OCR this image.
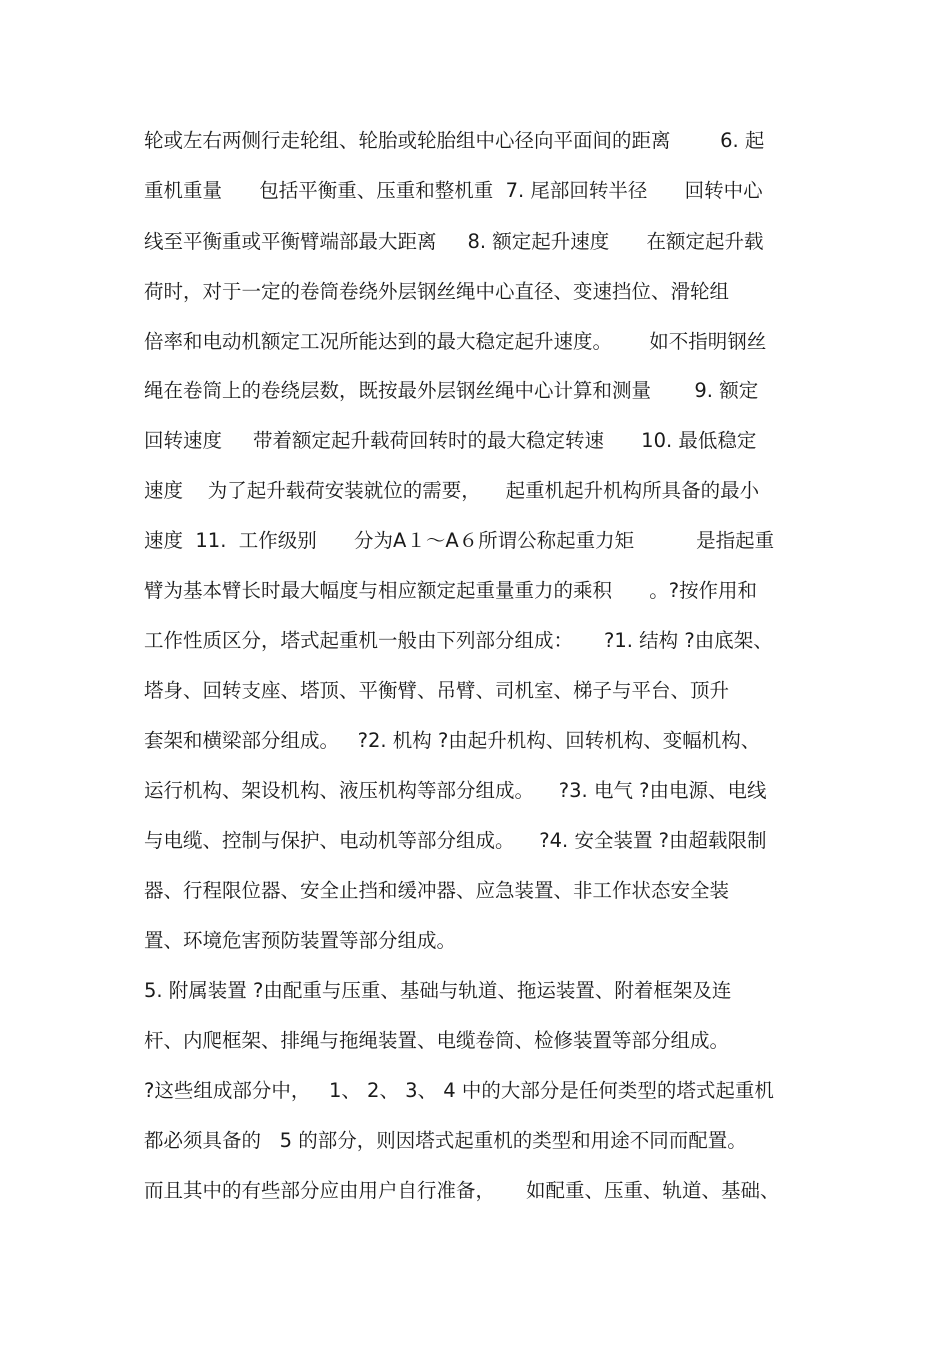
轮或左右两侧行走轮组、轮胎或轮胎组中心径向平面间的距离        6. 起
重机重量      包括平衡重、压重和整机重  7. 尾部回转半径      回转中心
线至平衡重或平衡臂端部最大距离     8. 额定起升速度      在额定起升载
荷时，对于一定的卷筒卷绕外层钢丝绳中心直径、变速挡位、滑轮组
倍率和电动机额定工况所能达到的最大稳定起升速度。      如不指明钢丝
绳在卷筒上的卷绕层数，既按最外层钢丝绳中心计算和测量       9. 额定
回转速度     带着额定起升载荷回转时的最大稳定转速      10. 最低稳定
速度    为了起升载荷安装就位的需要，    起重机起升机构所具备的最小
速度  11.  工作级别      分为A１～A６所谓公称起重力矩          是指起重
臂为基本臂长时最大幅度与相应额定起重量重力的乘积      。?按作用和
工作性质区分，塔式起重机一般由下列部分组成：     ?1. 结构 ?由底架、
塔身、回转支座、塔顶、平衡臂、吊臂、司机室、梯子与平台、顶升
套架和横梁部分组成。   ?2. 机构 ?由起升机构、回转机构、变幅机构、
运行机构、架设机构、液压机构等部分组成。    ?3. 电气 ?由电源、电线
与电缆、控制与保护、电动机等部分组成。    ?4. 安全装置 ?由超载限制
器、行程限位器、安全止挡和缓冲器、应急装置、非工作状态安全装
置、环境危害预防装置等部分组成。
5. 附属装置 ?由配重与压重、基础与轨道、拖运装置、附着框架及连
杆、内爬框架、排绳与拖绳装置、电缆卷筒、检修装置等部分组成。
?这些组成部分中，   1、 2、 3、 4 中的大部分是任何类型的塔式起重机
都必须具备的   5 的部分，则因塔式起重机的类型和用途不同而配置。
而且其中的有些部分应由用户自行准备，     如配重、压重、轨道、基础、
